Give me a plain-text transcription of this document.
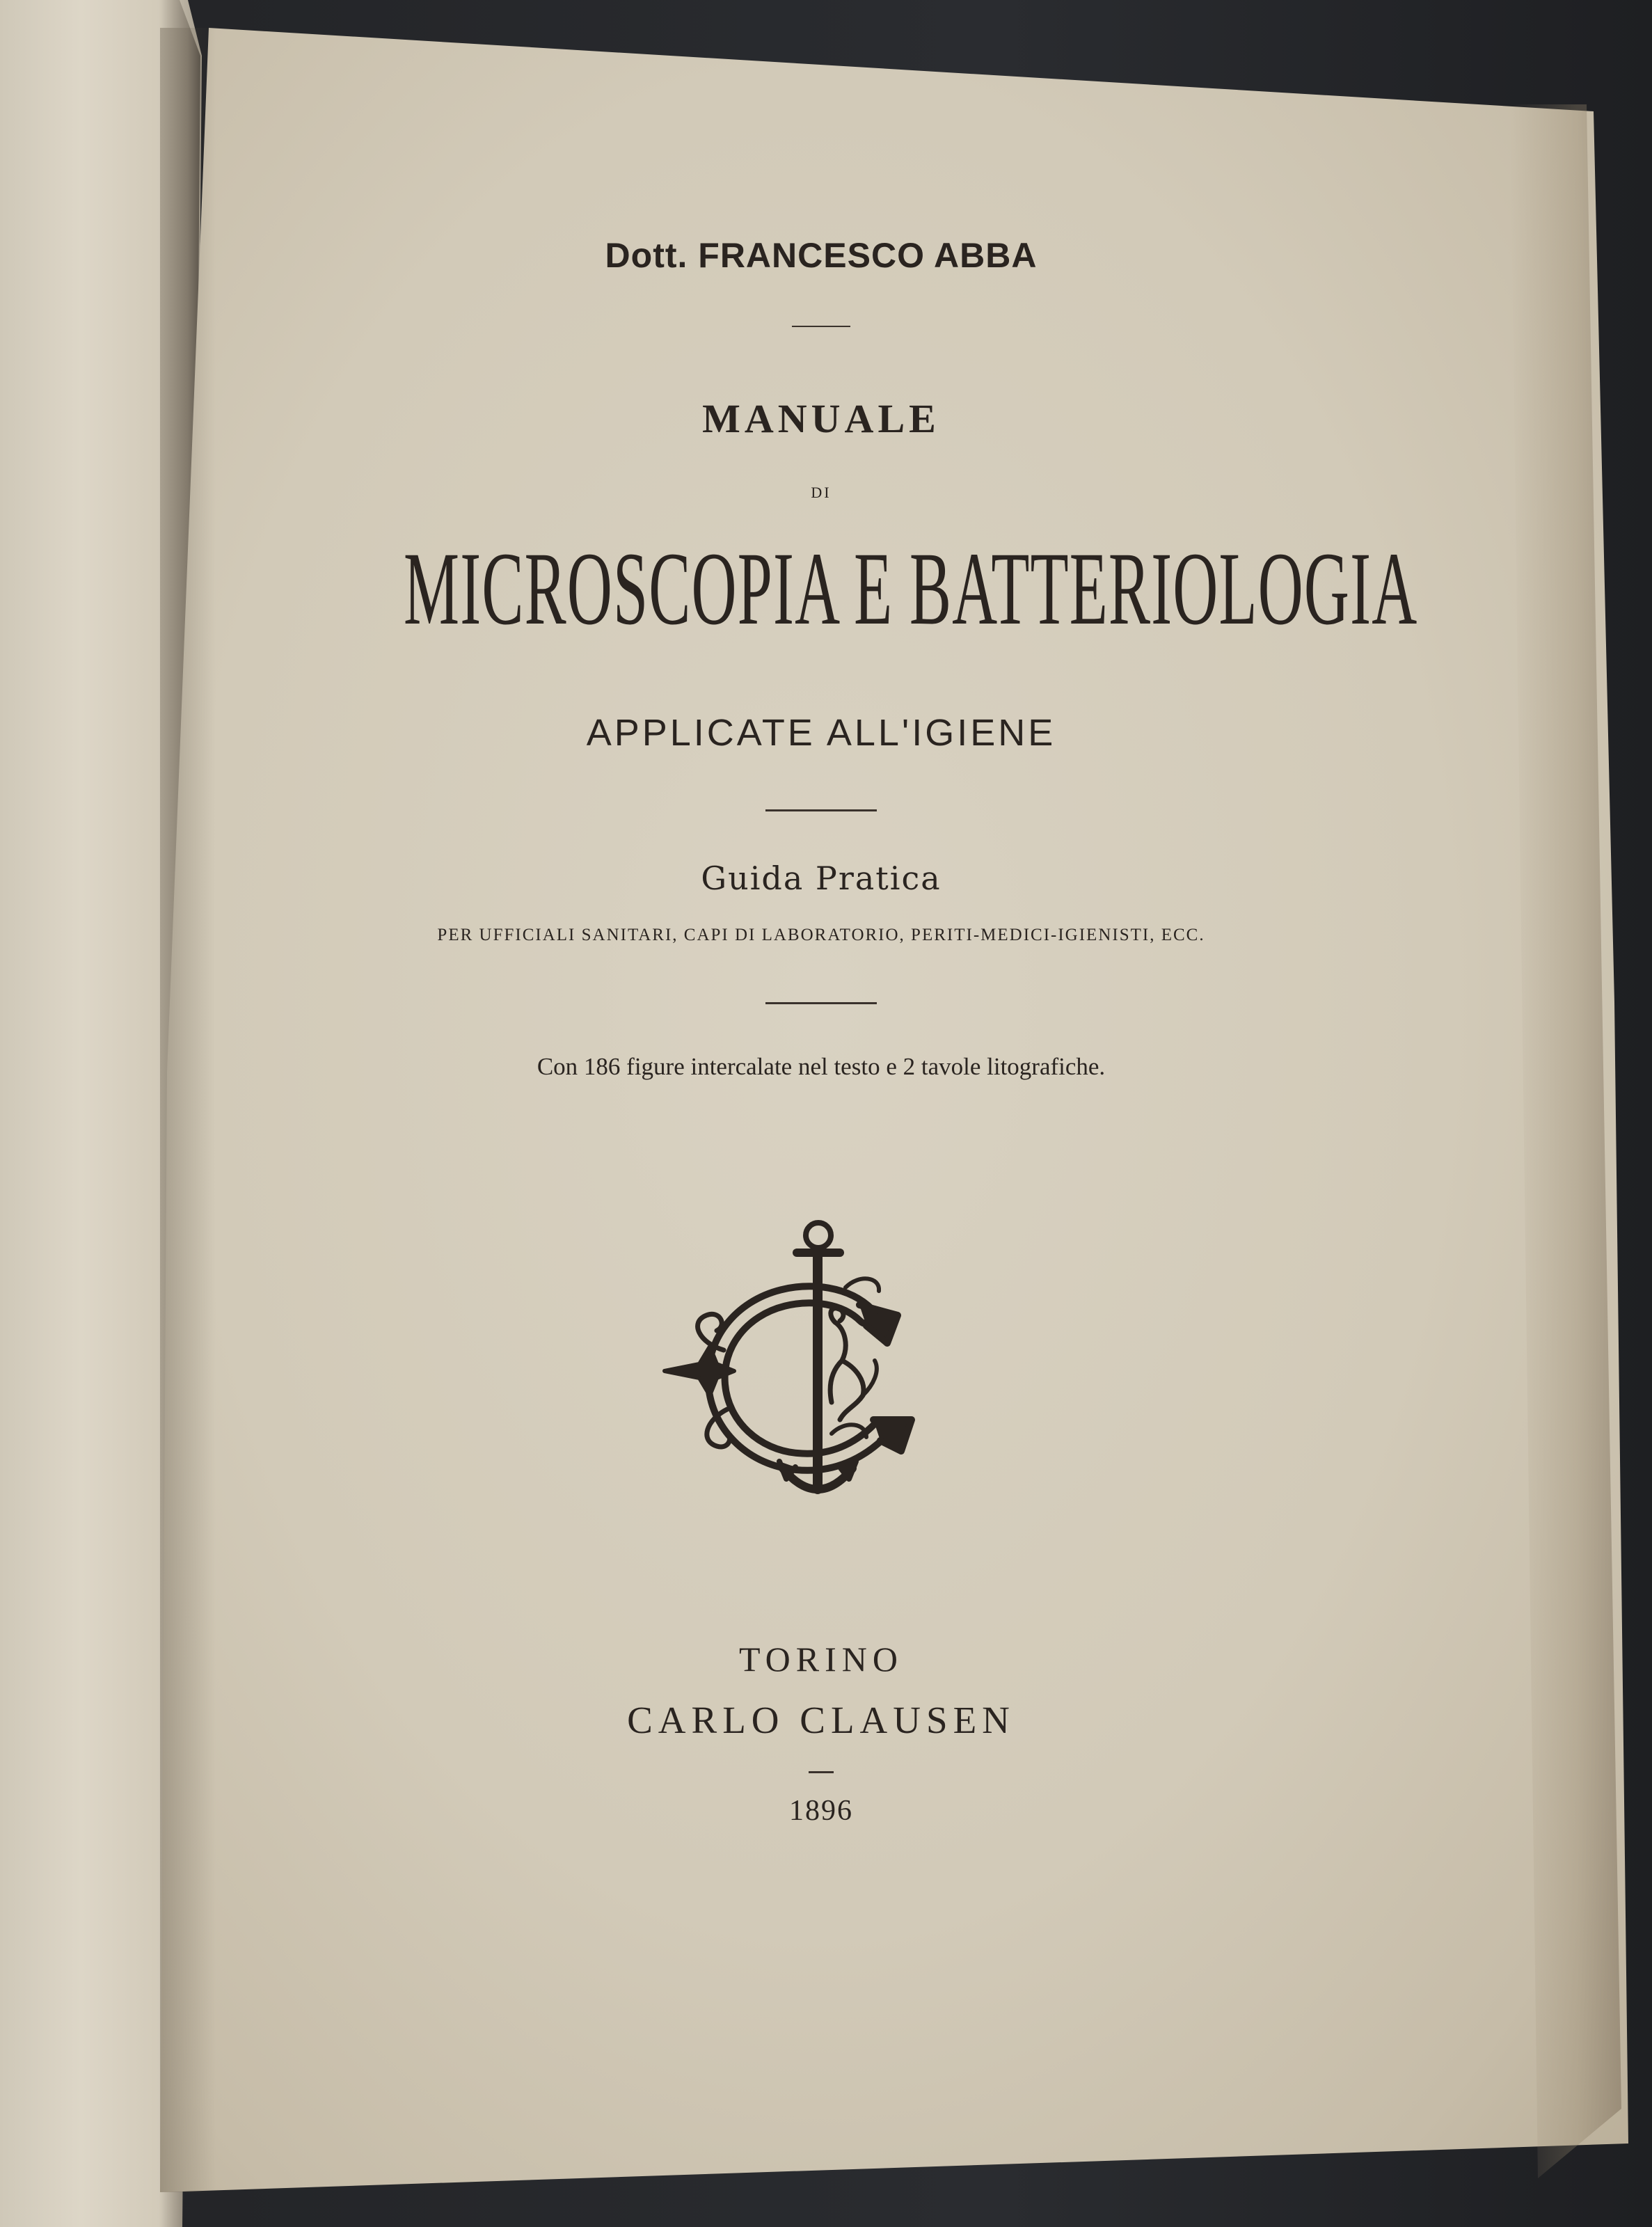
Dott. FRANCESCO ABBA
MANUALE
DI
MICROSCOPIA E BATTERIOLOGIA
APPLICATE ALL'IGIENE
Guida Pratica
PER UFFICIALI SANITARI, CAPI DI LABORATORIO, PERITI-MEDICI-IGIENISTI, ECC.
Con 186 figure intercalate nel testo e 2 tavole litografiche.
TORINO
CARLO CLAUSEN
1896
